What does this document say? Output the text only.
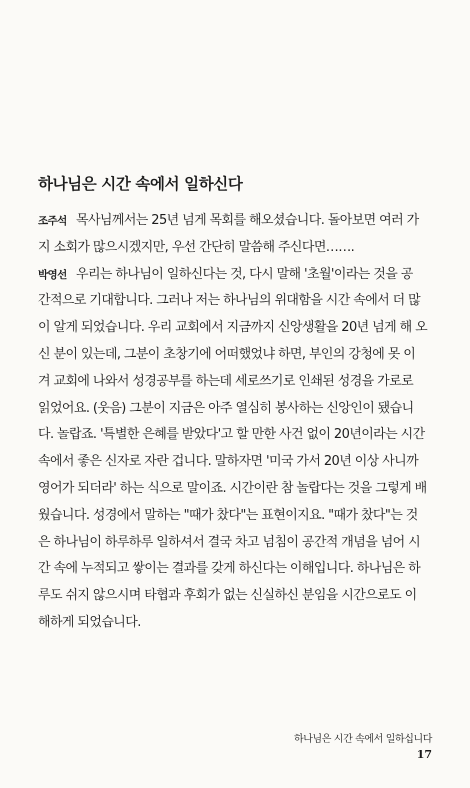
하나님은 시간 속에서 일하신다
조주석 목사님께서는 25년 넘게 목회를 해오셨습니다. 돌아보면 여러 가
지 소회가 많으시겠지만, 우선 간단히 말씀해 주신다면…….
박영선 우리는 하나님이 일하신다는 것, 다시 말해 '초월'이라는 것을 공
간적으로 기대합니다. 그러나 저는 하나님의 위대함을 시간 속에서 더 많
이 알게 되었습니다. 우리 교회에서 지금까지 신앙생활을 20년 넘게 해 오
신 분이 있는데, 그분이 초창기에 어떠했었냐 하면, 부인의 강청에 못 이
겨 교회에 나와서 성경공부를 하는데 세로쓰기로 인쇄된 성경을 가로로
읽었어요. (웃음) 그분이 지금은 아주 열심히 봉사하는 신앙인이 됐습니
다. 놀랍죠. '특별한 은혜를 받았다'고 할 만한 사건 없이 20년이라는 시간
속에서 좋은 신자로 자란 겁니다. 말하자면 '미국 가서 20년 이상 사니까
영어가 되더라' 하는 식으로 말이죠. 시간이란 참 놀랍다는 것을 그렇게 배
웠습니다. 성경에서 말하는 "때가 찼다"는 표현이지요. "때가 찼다"는 것
은 하나님이 하루하루 일하셔서 결국 차고 넘침이 공간적 개념을 넘어 시
간 속에 누적되고 쌓이는 결과를 갖게 하신다는 이해입니다. 하나님은 하
루도 쉬지 않으시며 타협과 후회가 없는 신실하신 분임을 시간으로도 이
해하게 되었습니다.
하나님은 시간 속에서 일하십니다
17
